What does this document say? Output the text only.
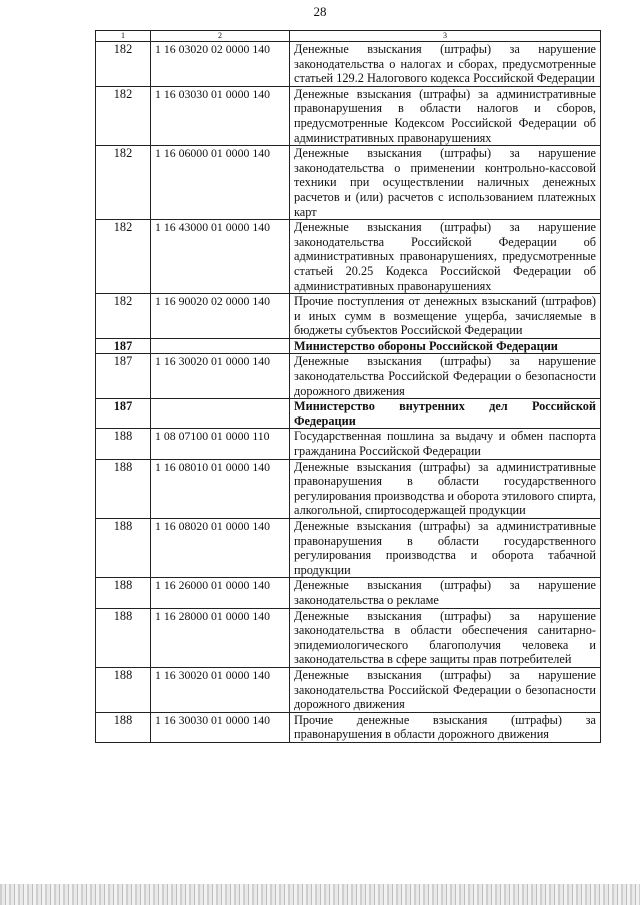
28
1	2	3
182	1 16 03020 02 0000 140	Денежные взыскания (штрафы) за нарушение законодательства о налогах и сборах, предусмотренные статьей 129.2 Налогового кодекса Российской Федерации
182	1 16 03030 01 0000 140	Денежные взыскания (штрафы) за административные правонарушения в области налогов и сборов, предусмотренные Кодексом Российской Федерации об административных правонарушениях
182	1 16 06000 01 0000 140	Денежные взыскания (штрафы) за нарушение законодательства о применении контрольно-кассовой техники при осуществлении наличных денежных расчетов и (или) расчетов с использованием платежных карт
182	1 16 43000 01 0000 140	Денежные взыскания (штрафы) за нарушение законодательства Российской Федерации об административных правонарушениях, предусмотренные статьей 20.25 Кодекса Российской Федерации об административных правонарушениях
182	1 16 90020 02 0000 140	Прочие поступления от денежных взысканий (штрафов) и иных сумм в возмещение ущерба, зачисляемые в бюджеты субъектов Российской Федерации
187		Министерство обороны Российской Федерации
187	1 16 30020 01 0000 140	Денежные взыскания (штрафы) за нарушение законодательства Российской Федерации о безопасности дорожного движения
187		Министерство внутренних дел Российской Федерации
188	1 08 07100 01 0000 110	Государственная пошлина за выдачу и обмен паспорта гражданина Российской Федерации
188	1 16 08010 01 0000 140	Денежные взыскания (штрафы) за административные правонарушения в области государственного регулирования производства и оборота этилового спирта, алкогольной, спиртосодержащей продукции
188	1 16 08020 01 0000 140	Денежные взыскания (штрафы) за административные правонарушения в области государственного регулирования производства и оборота табачной продукции
188	1 16 26000 01 0000 140	Денежные взыскания (штрафы) за нарушение законодательства о рекламе
188	1 16 28000 01 0000 140	Денежные взыскания (штрафы) за нарушение законодательства в области обеспечения санитарно-эпидемиологического благополучия человека и законодательства в сфере защиты прав потребителей
188	1 16 30020 01 0000 140	Денежные взыскания (штрафы) за нарушение законодательства Российской Федерации о безопасности дорожного движения
188	1 16 30030 01 0000 140	Прочие денежные взыскания (штрафы) за правонарушения в области дорожного движения
